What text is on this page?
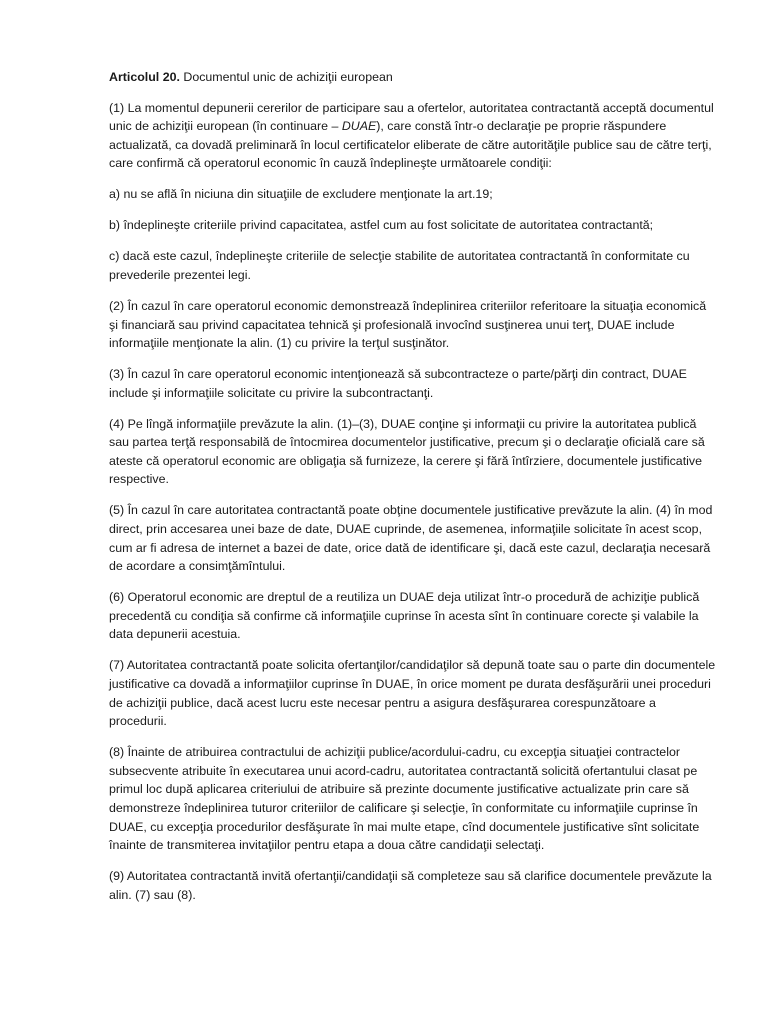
Articolul 20. Documentul unic de achiziţii european

(1) La momentul depunerii cererilor de participare sau a ofertelor, autoritatea contractantă acceptă documentul unic de achiziţii european (în continuare – DUAE), care constă într-o declaraţie pe proprie răspundere actualizată, ca dovadă preliminară în locul certificatelor eliberate de către autorităţile publice sau de către terţi, care confirmă că operatorul economic în cauză îndeplineşte următoarele condiţii:

a) nu se află în niciuna din situaţiile de excludere menţionate la art.19;

b) îndeplineşte criteriile privind capacitatea, astfel cum au fost solicitate de autoritatea contractantă;

c) dacă este cazul, îndeplineşte criteriile de selecţie stabilite de autoritatea contractantă în conformitate cu prevederile prezentei legi.

(2) În cazul în care operatorul economic demonstrează îndeplinirea criteriilor referitoare la situaţia economică şi financiară sau privind capacitatea tehnică şi profesională invocînd susţinerea unui terţ, DUAE include informaţiile menţionate la alin. (1) cu privire la terţul susţinător.

(3) În cazul în care operatorul economic intenţionează să subcontracteze o parte/părţi din contract, DUAE include şi informaţiile solicitate cu privire la subcontractanţi.

(4) Pe lîngă informaţiile prevăzute la alin. (1)–(3), DUAE conţine şi informaţii cu privire la autoritatea publică sau partea terţă responsabilă de întocmirea documentelor justificative, precum şi o declaraţie oficială care să ateste că operatorul economic are obligaţia să furnizeze, la cerere şi fără întîrziere, documentele justificative respective.

(5) În cazul în care autoritatea contractantă poate obţine documentele justificative prevăzute la alin. (4) în mod direct, prin accesarea unei baze de date, DUAE cuprinde, de asemenea, informaţiile solicitate în acest scop, cum ar fi adresa de internet a bazei de date, orice dată de identificare şi, dacă este cazul, declaraţia necesară de acordare a consimţămîntului.

(6) Operatorul economic are dreptul de a reutiliza un DUAE deja utilizat într-o procedură de achiziţie publică precedentă cu condiţia să confirme că informaţiile cuprinse în acesta sînt în continuare corecte şi valabile la data depunerii acestuia.

(7) Autoritatea contractantă poate solicita ofertanţilor/candidaţilor să depună toate sau o parte din documentele justificative ca dovadă a informaţiilor cuprinse în DUAE, în orice moment pe durata desfăşurării unei proceduri de achiziţii publice, dacă acest lucru este necesar pentru a asigura desfăşurarea corespunzătoare a procedurii.

(8) Înainte de atribuirea contractului de achiziţii publice/acordului-cadru, cu excepţia situaţiei contractelor subsecvente atribuite în executarea unui acord-cadru, autoritatea contractantă solicită ofertantului clasat pe primul loc după aplicarea criteriului de atribuire să prezinte documente justificative actualizate prin care să demonstreze îndeplinirea tuturor criteriilor de calificare şi selecţie, în conformitate cu informaţiile cuprinse în DUAE, cu excepţia procedurilor desfăşurate în mai multe etape, cînd documentele justificative sînt solicitate înainte de transmiterea invitaţiilor pentru etapa a doua către candidaţii selectaţi.

(9) Autoritatea contractantă invită ofertanţii/candidaţii să completeze sau să clarifice documentele prevăzute la alin. (7) sau (8).
